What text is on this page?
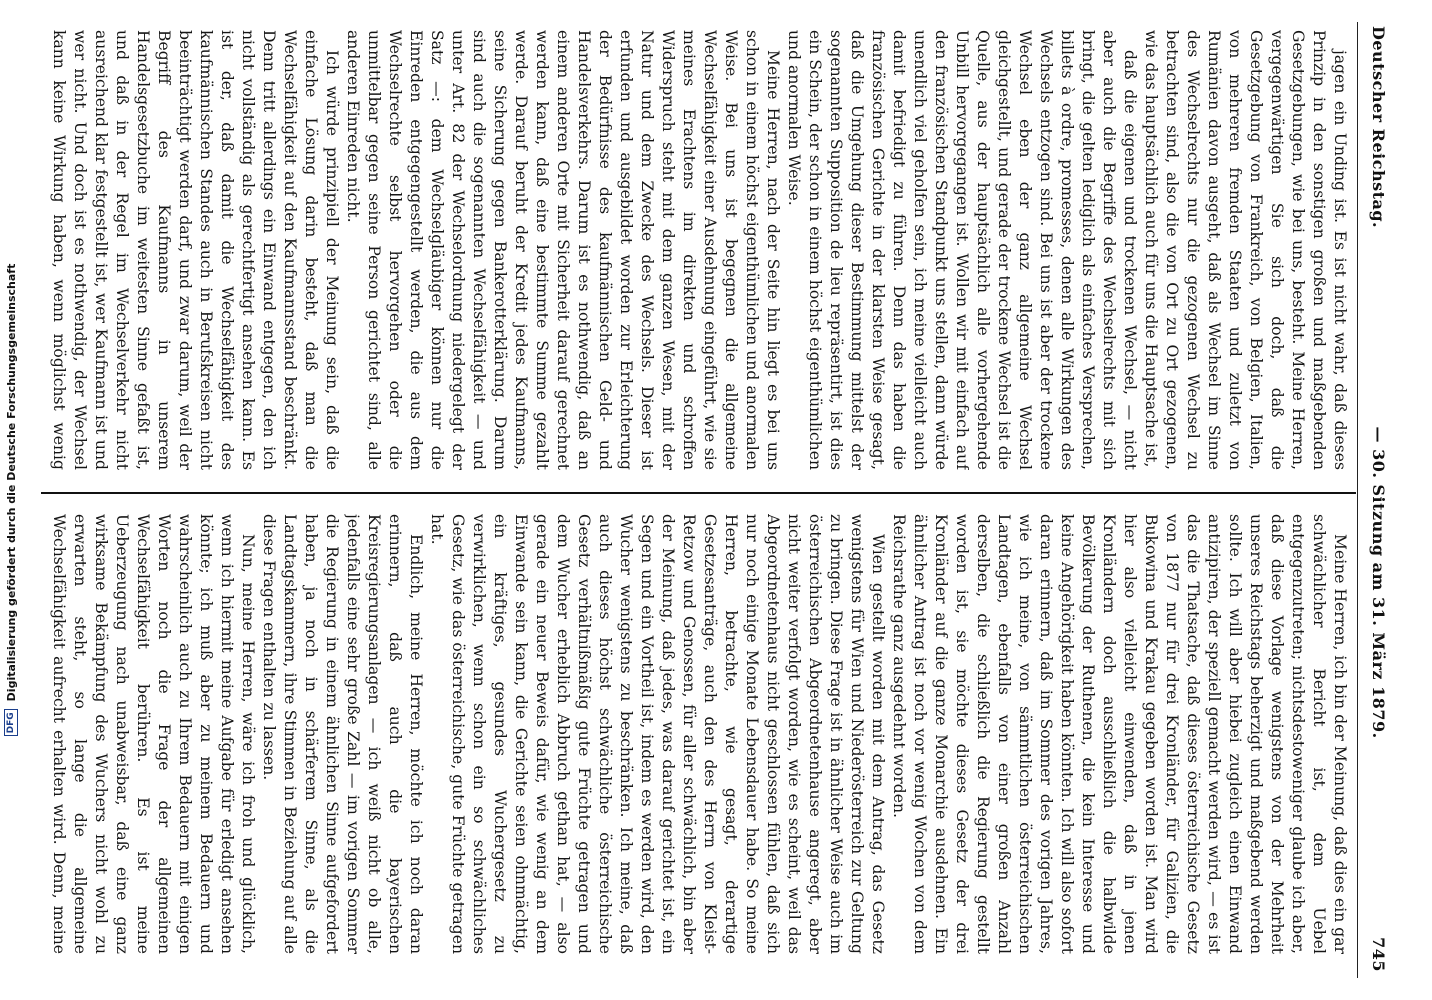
DFG
Digitalisierung gefördert durch die Deutsche Forschungsgemeinschaft
Deutscher Reichstag.
— 30. Sitzung am 31. März 1879.
745

jagen ein Unding ist. Es ist nicht wahr, daß dieses Prinzip in den sonstigen großen und maßgebenden Gesetzgebungen, wie bei uns, besteht. Meine Herren, vergegenwärtigen Sie sich doch, daß die Gesetzgebung von Frankreich, von Belgien, Italien, von mehreren fremden Staaten und zuletzt von Rumänien davon ausgeht, daß als Wechsel im Sinne des Wechselrechts nur die gezogenen Wechsel zu betrachten sind, also die von Ort zu Ort gezogenen, wie das hauptsächlich auch für uns die Hauptsache ist,

daß die eigenen und trockenen Wechsel, — nicht aber auch die Begriffe des Wechselrechts mit sich bringt, die gelten lediglich als einfaches Versprechen, billets à ordre, promesses, denen alle Wirkungen des Wechsels entzogen sind. Bei uns ist aber der trockene Wechsel eben der ganz allgemeine Wechsel gleichgestellt, und gerade der trockene Wechsel ist die Quelle, aus der hauptsächlich alle vorhergehende Unbill hervorgegangen ist. Wollen wir mit einfach auf den französischen Standpunkt uns stellen, dann würde unendlich viel geholfen sein, ich meine vielleicht auch damit befriedigt zu führen. Denn das haben die französischen Gerichte in der klarsten Weise gesagt, daß die Umgehung dieser Bestimmung mittelst der sogenannten Supposition de lieu repräsentirt, ist dies ein Schein, der schon in einem höchst eigenthümlichen und anormalen Weise.

Meine Herren, nach der Seite hin liegt es bei uns schon in einem höchst eigenthümlichen und anormalen Weise. Bei uns ist begegnen die allgemeine Wechselfähigkeit einer Ausdehnung eingeführt, wie sie meines Erachtens im direkten und schroffen Widerspruch steht mit dem ganzen Wesen, mit der Natur und dem Zwecke des Wechsels. Dieser ist erfunden und ausgebildet worden zur Erleichterung der Bedürfnisse des kaufmännischen Geld- und Handelsverkehrs. Darum ist es nothwendig, daß an einem anderen Orte mit Sicherheit darauf gerechnet werden kann, daß eine bestimmte Summe gezahlt werde. Darauf beruht der Kredit jedes Kaufmanns, seine Sicherung gegen Bankerotterklärung. Darum sind auch die sogenannten Wechselfähigkeit — und unter Art. 82 der Wechselordnung niedergelegt der Satz —: dem Wechselgläubiger können nur die Einreden entgegengestellt werden, die aus dem Wechselrechte selbst hervorgehen oder die unmittelbar gegen seine Person gerichtet sind, alle anderen Einreden nicht.

Ich würde prinzipiell der Meinung sein, daß die einfache Lösung darin besteht, daß man die Wechselfähigkeit auf den Kaufmannsstand beschränkt. Denn tritt allerdings ein Einwand entgegen, den ich nicht vollständig als gerechtfertigt ansehen kann. Es ist der, daß damit die Wechselfähigkeit des kaufmännischen Standes auch in Berufskreisen nicht beeinträchtigt werden darf, und zwar darum, weil der Begriff des Kaufmanns in unserem Handelsgesetzbuche im weitesten Sinne gefaßt ist, und daß in der Regel im Wechselverkehr nicht ausreichend klar festgestellt ist, wer Kaufmann ist und wer nicht. Und doch ist es nothwendig, der Wechsel kann keine Wirkung haben, wenn möglichst wenig

Meine Herren, ich bin der Meinung, daß dies ein gar schwächlicher Bericht ist, dem Uebel entgegenzutreten; nichtsdestoweniger glaube ich aber, daß diese Vorlage wenigstens von der Mehrheit unseres Reichstags beherzigt und maßgebend werden sollte. Ich will aber hiebei zugleich einen Einwand antizipiren, der speziell gemacht werden wird, — es ist das die Thatsache, daß dieses österreichische Gesetz von 1877 nur für drei Kronländer, für Galizien, die Bukowina und Krakau gegeben worden ist. Man wird hier also vielleicht einwenden, daß in jenen Kronländern doch ausschließlich die halbwilde Bevölkerung der Ruthenen, die kein Interesse und keine Angehörigkeit haben könnten. Ich will also sofort daran erinnern, daß im Sommer des vorigen Jahres, wie ich meine, von sämmtlichen österreichischen Landtagen, ebenfalls von einer großen Anzahl derselben, die schließlich die Regierung gestellt worden ist, sie möchte dieses Gesetz der drei Kronländer auf die ganze Monarchie ausdehnen. Ein ähnlicher Antrag ist noch vor wenig Wochen von dem Reichsrathe ganz ausgedehnt worden.

Wien gestellt worden mit dem Antrag, das Gesetz wenigstens für Wien und Niederösterreich zur Geltung zu bringen. Diese Frage ist in ähnlicher Weise auch im österreichischen Abgeordnetenhause angeregt, aber nicht weiter verfolgt worden, wie es scheint, weil das Abgeordnetenhaus nicht geschlossen fühlen, daß sich nur noch einige Monate Lebensdauer habe. So meine Herren, betrachte, wie gesagt, derartige Gesetzesanträge, auch den des Herrn von Kleist-Retzow und Genossen, für aller schwächlich, bin aber der Meinung, daß jedes, was darauf gerichtet ist, ein Segen und ein Vortheil ist, indem es werden wird, den Wucher wenigstens zu beschränken. Ich meine, daß auch dieses höchst schwächliche österreichische Gesetz verhältnißmäßig gute Früchte getragen und dem Wucher erheblich Abbruch gethan hat, — also gerade ein neuer Beweis dafür, wie wenig an dem Einwande sein kann, die Gerichte seien ohnmächtig, ein kräftiges, gesundes Wuchergesetz zu verwirklichen, wenn schon ein so schwächliches Gesetz, wie das österreichische, gute Früchte getragen hat.

Endlich, meine Herren, möchte ich noch daran erinnern, daß auch die bayerischen Kreisregierungsanlagen — ich weiß nicht ob alle, jedenfalls eine sehr große Zahl — im vorigen Sommer die Regierung in einem ähnlichen Sinne aufgefordert haben, ja noch in schärferem Sinne, als die Landtagskammern, ihre Stimmen in Beziehung auf alle diese Fragen enthalten zu lassen.

Nun, meine Herren, wäre ich froh und glücklich, wenn ich hiermit meine Aufgabe für erledigt ansehen könnte; ich muß aber zu meinem Bedauern und wahrscheinlich auch zu Ihrem Bedauern mit einigen Worten noch die Frage der allgemeinen Wechselfähigkeit berühren. Es ist meine Ueberzeugung nach unabweisbar, daß eine ganz wirksame Bekämpfung des Wuchers nicht wohl zu erwarten steht, so lange die allgemeine Wechselfähigkeit aufrecht erhalten wird. Denn, meine
